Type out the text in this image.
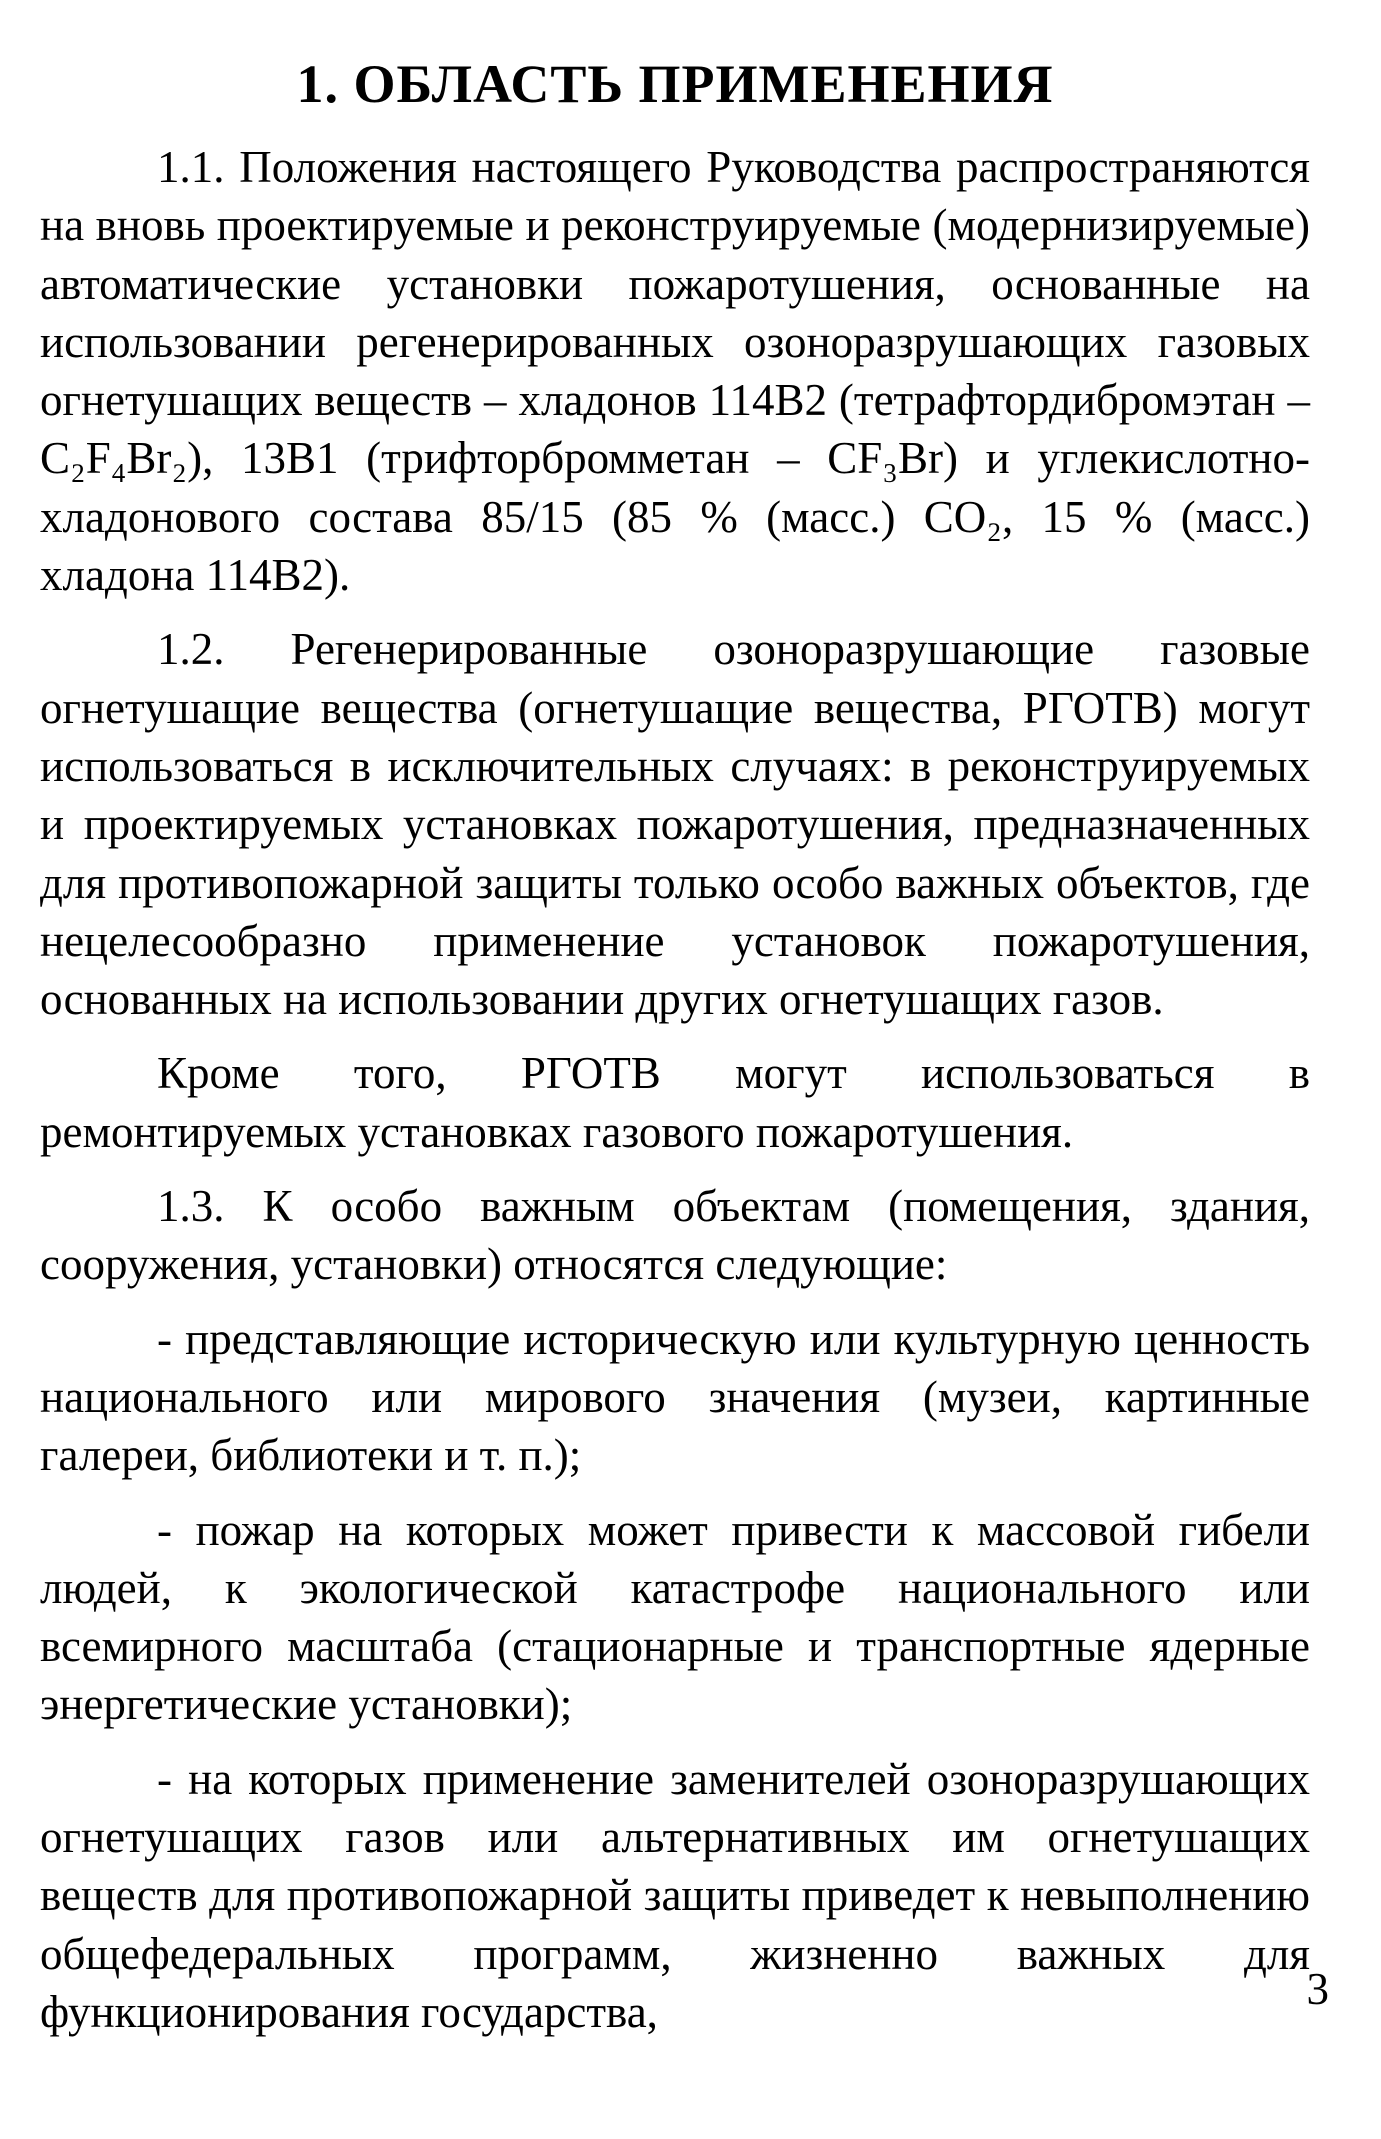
1. ОБЛАСТЬ ПРИМЕНЕНИЯ

1.1. Положения настоящего Руководства распространяются на вновь проектируемые и реконструируемые (модернизируемые) автоматические установки пожаротушения, основанные на использовании регенерированных озоноразрушающих газовых огнетушащих веществ – хладонов 114В2 (тетрафтордибромэтан – C₂F₄Br₂), 13В1 (трифторбромметан – CF₃Br) и углекислотно-хладонового состава 85/15 (85 % (масс.) CO₂, 15 % (масс.) хладона 114В2).

1.2. Регенерированные озоноразрушающие газовые огнетушащие вещества (огнетушащие вещества, РГОТВ) могут использоваться в исключительных случаях: в реконструируемых и проектируемых установках пожаротушения, предназначенных для противопожарной защиты только особо важных объектов, где нецелесообразно применение установок пожаротушения, основанных на использовании других огнетушащих газов.

Кроме того, РГОТВ могут использоваться в ремонтируемых установках газового пожаротушения.

1.3. К особо важным объектам (помещения, здания, сооружения, установки) относятся следующие:

- представляющие историческую или культурную ценность национального или мирового значения (музеи, картинные галереи, библиотеки и т. п.);

- пожар на которых может привести к массовой гибели людей, к экологической катастрофе национального или всемирного масштаба (стационарные и транспортные ядерные энергетические установки);

- на которых применение заменителей озоноразрушающих огнетушащих газов или альтернативных им огнетушащих веществ для противопожарной защиты приведет к невыполнению общефедеральных программ, жизненно важных для функционирования государства,	3
